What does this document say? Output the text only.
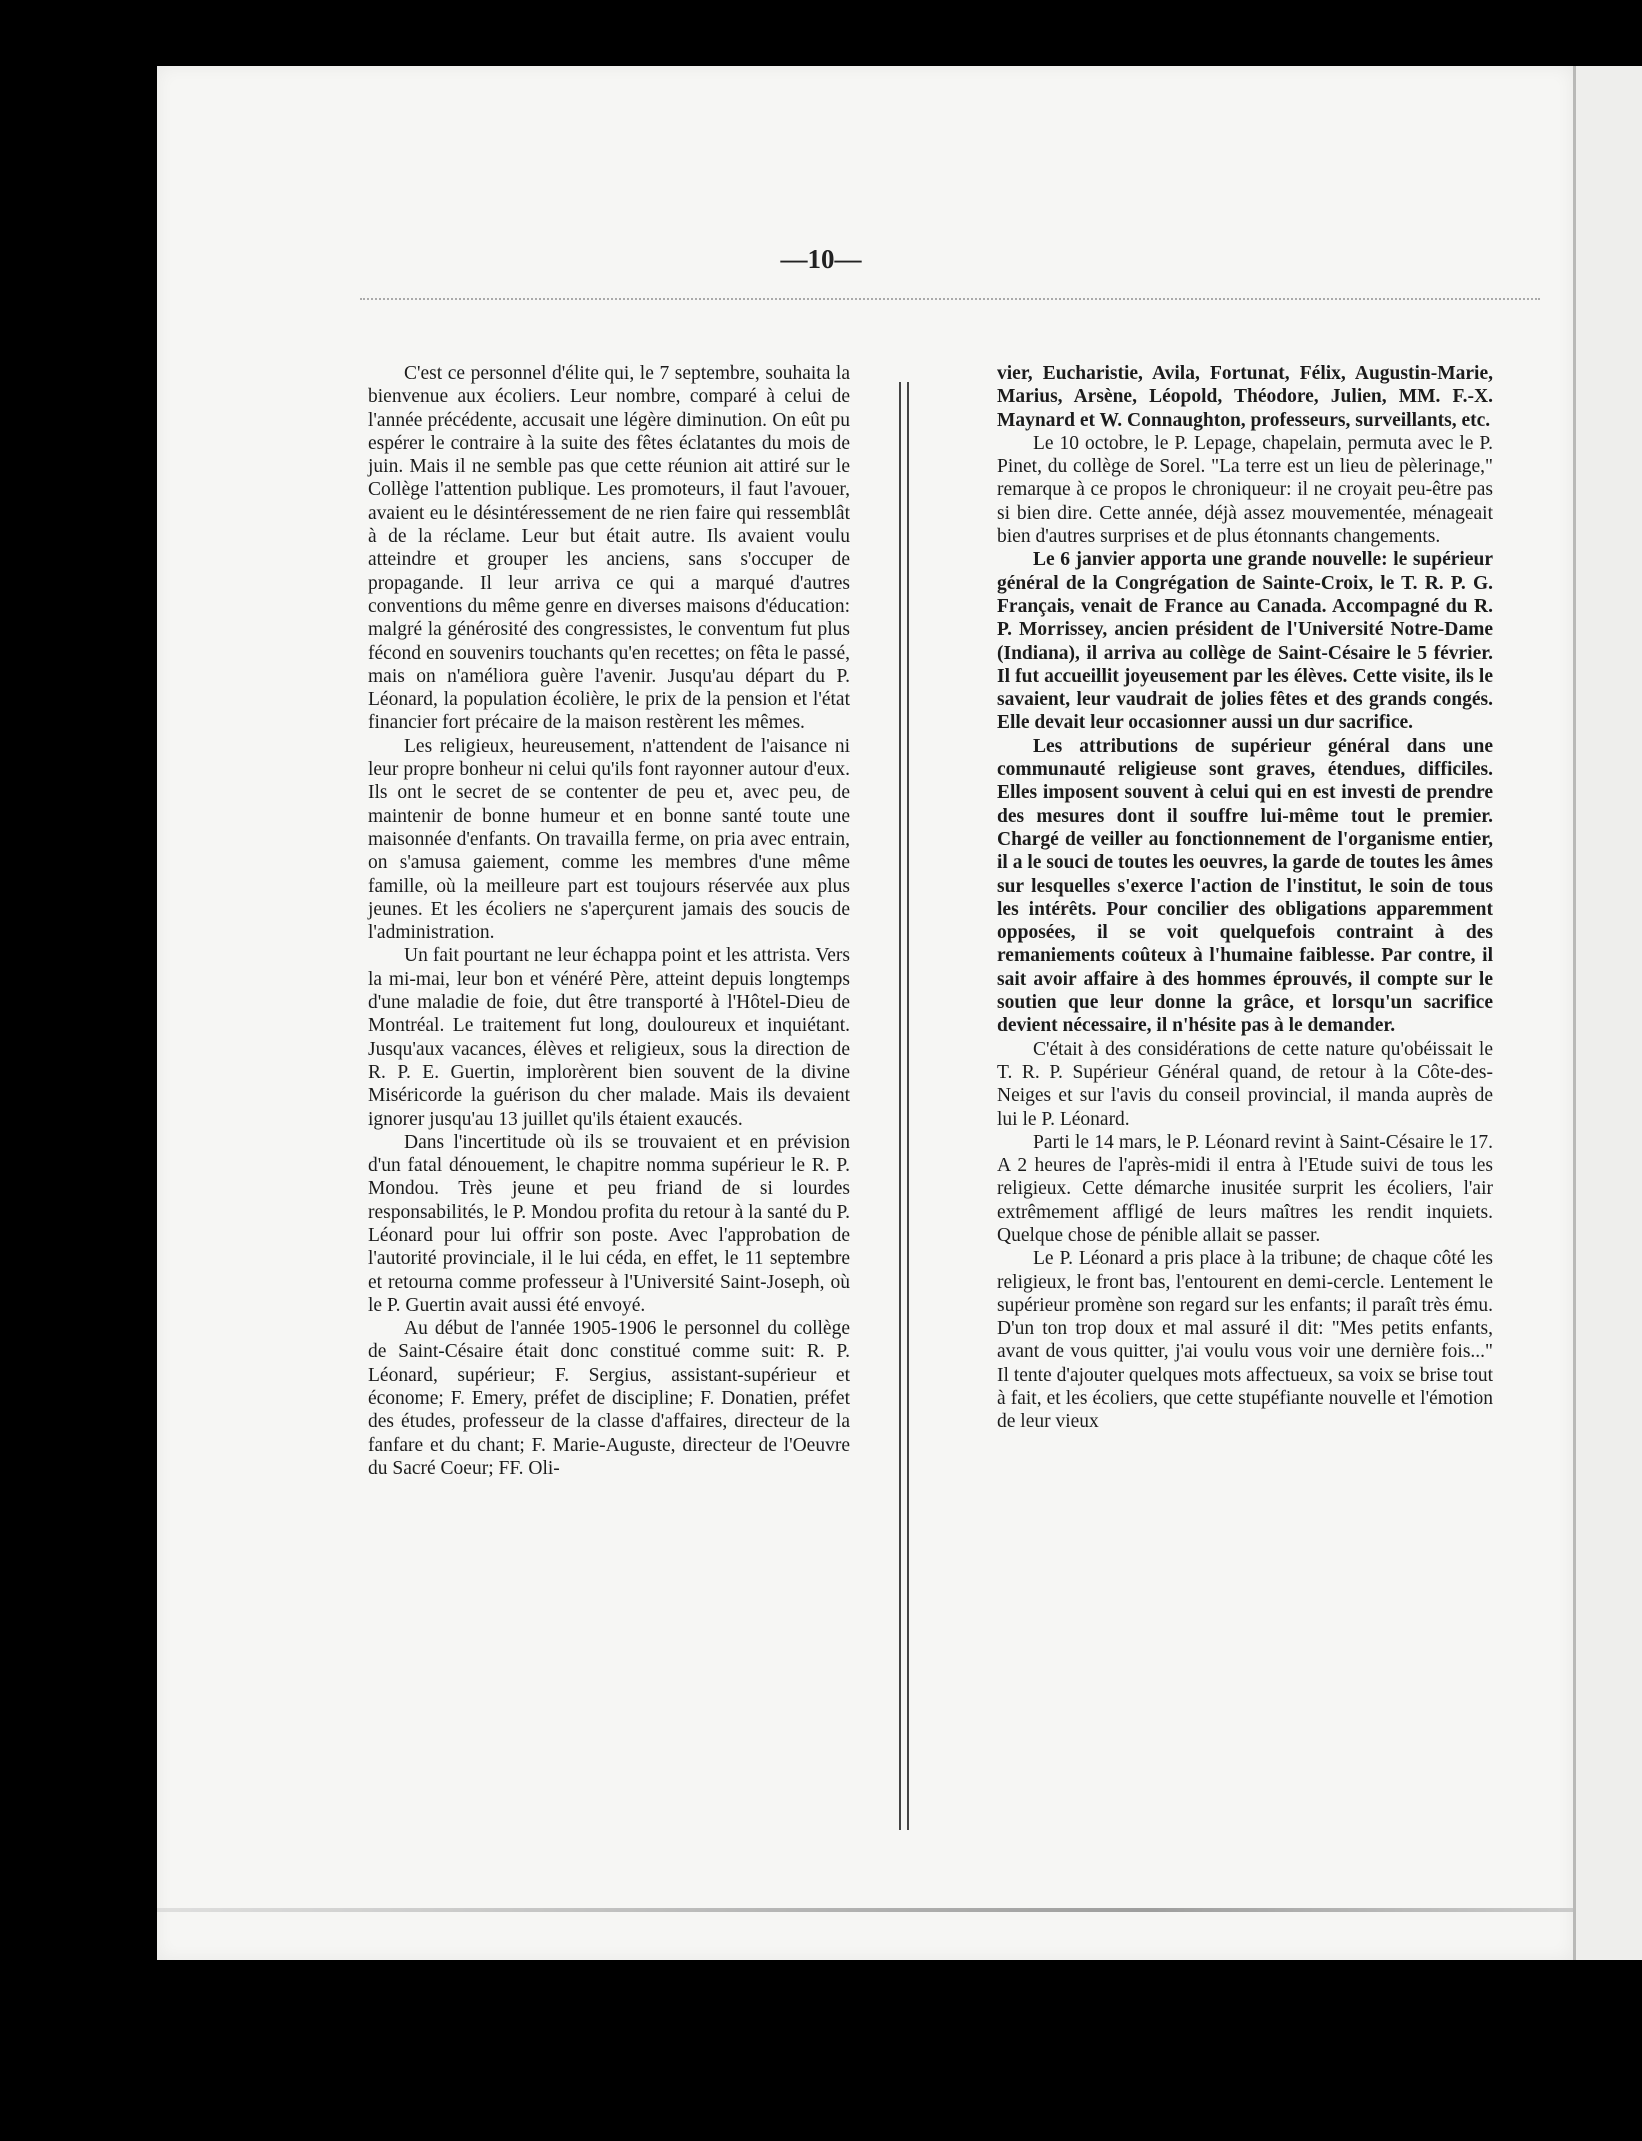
—10—

C'est ce personnel d'élite qui, le 7 septembre, souhaita la bienvenue aux écoliers. Leur nombre, comparé à celui de l'année précédente, accusait une légère diminution. On eût pu espérer le contraire à la suite des fêtes éclatantes du mois de juin. Mais il ne semble pas que cette réunion ait attiré sur le Collège l'attention publique. Les promoteurs, il faut l'avouer, avaient eu le désintéressement de ne rien faire qui ressemblât à de la réclame. Leur but était autre. Ils avaient voulu atteindre et grouper les anciens, sans s'occuper de propagande. Il leur arriva ce qui a marqué d'autres conventions du même genre en diverses maisons d'éducation: malgré la générosité des congressistes, le conventum fut plus fécond en souvenirs touchants qu'en recettes; on fêta le passé, mais on n'améliora guère l'avenir. Jusqu'au départ du P. Léonard, la population écolière, le prix de la pension et l'état financier fort précaire de la maison restèrent les mêmes.

Les religieux, heureusement, n'attendent de l'aisance ni leur propre bonheur ni celui qu'ils font rayonner autour d'eux. Ils ont le secret de se contenter de peu et, avec peu, de maintenir de bonne humeur et en bonne santé toute une maisonnée d'enfants. On travailla ferme, on pria avec entrain, on s'amusa gaiement, comme les membres d'une même famille, où la meilleure part est toujours réservée aux plus jeunes. Et les écoliers ne s'aperçurent jamais des soucis de l'administration.

Un fait pourtant ne leur échappa point et les attrista. Vers la mi-mai, leur bon et vénéré Père, atteint depuis longtemps d'une maladie de foie, dut être transporté à l'Hôtel-Dieu de Montréal. Le traitement fut long, douloureux et inquiétant. Jusqu'aux vacances, élèves et religieux, sous la direction de R. P. E. Guertin, implorèrent bien souvent de la divine Miséricorde la guérison du cher malade. Mais ils devaient ignorer jusqu'au 13 juillet qu'ils étaient exaucés.

Dans l'incertitude où ils se trouvaient et en prévision d'un fatal dénouement, le chapitre nomma supérieur le R. P. Mondou. Très jeune et peu friand de si lourdes responsabilités, le P. Mondou profita du retour à la santé du P. Léonard pour lui offrir son poste. Avec l'approbation de l'autorité provinciale, il le lui céda, en effet, le 11 septembre et retourna comme professeur à l'Université Saint-Joseph, où le P. Guertin avait aussi été envoyé.

Au début de l'année 1905-1906 le personnel du collège de Saint-Césaire était donc constitué comme suit: R. P. Léonard, supérieur; F. Sergius, assistant-supérieur et économe; F. Emery, préfet de discipline; F. Donatien, préfet des études, professeur de la classe d'affaires, directeur de la fanfare et du chant; F. Marie-Auguste, directeur de l'Oeuvre du Sacré Coeur; FF. Oli-

vier, Eucharistie, Avila, Fortunat, Félix, Augustin-Marie, Marius, Arsène, Léopold, Théodore, Julien, MM. F.-X. Maynard et W. Connaughton, professeurs, surveillants, etc.

Le 10 octobre, le P. Lepage, chapelain, permuta avec le P. Pinet, du collège de Sorel. "La terre est un lieu de pèlerinage," remarque à ce propos le chroniqueur: il ne croyait peu-être pas si bien dire. Cette année, déjà assez mouvementée, ménageait bien d'autres surprises et de plus étonnants changements.

Le 6 janvier apporta une grande nouvelle: le supérieur général de la Congrégation de Sainte-Croix, le T. R. P. G. Français, venait de France au Canada. Accompagné du R. P. Morrissey, ancien président de l'Université Notre-Dame (Indiana), il arriva au collège de Saint-Césaire le 5 février. Il fut accueillit joyeusement par les élèves. Cette visite, ils le savaient, leur vaudrait de jolies fêtes et des grands congés. Elle devait leur occasionner aussi un dur sacrifice.

Les attributions de supérieur général dans une communauté religieuse sont graves, étendues, difficiles. Elles imposent souvent à celui qui en est investi de prendre des mesures dont il souffre lui-même tout le premier. Chargé de veiller au fonctionnement de l'organisme entier, il a le souci de toutes les oeuvres, la garde de toutes les âmes sur lesquelles s'exerce l'action de l'institut, le soin de tous les intérêts. Pour concilier des obligations apparemment opposées, il se voit quelquefois contraint à des remaniements coûteux à l'humaine faiblesse. Par contre, il sait avoir affaire à des hommes éprouvés, il compte sur le soutien que leur donne la grâce, et lorsqu'un sacrifice devient nécessaire, il n'hésite pas à le demander.

C'était à des considérations de cette nature qu'obéissait le T. R. P. Supérieur Général quand, de retour à la Côte-des-Neiges et sur l'avis du conseil provincial, il manda auprès de lui le P. Léonard.

Parti le 14 mars, le P. Léonard revint à Saint-Césaire le 17. A 2 heures de l'après-midi il entra à l'Etude suivi de tous les religieux. Cette démarche inusitée surprit les écoliers, l'air extrêmement affligé de leurs maîtres les rendit inquiets. Quelque chose de pénible allait se passer.

Le P. Léonard a pris place à la tribune; de chaque côté les religieux, le front bas, l'entourent en demi-cercle. Lentement le supérieur promène son regard sur les enfants; il paraît très ému. D'un ton trop doux et mal assuré il dit: "Mes petits enfants, avant de vous quitter, j'ai voulu vous voir une dernière fois..." Il tente d'ajouter quelques mots affectueux, sa voix se brise tout à fait, et les écoliers, que cette stupéfiante nouvelle et l'émotion de leur vieux
